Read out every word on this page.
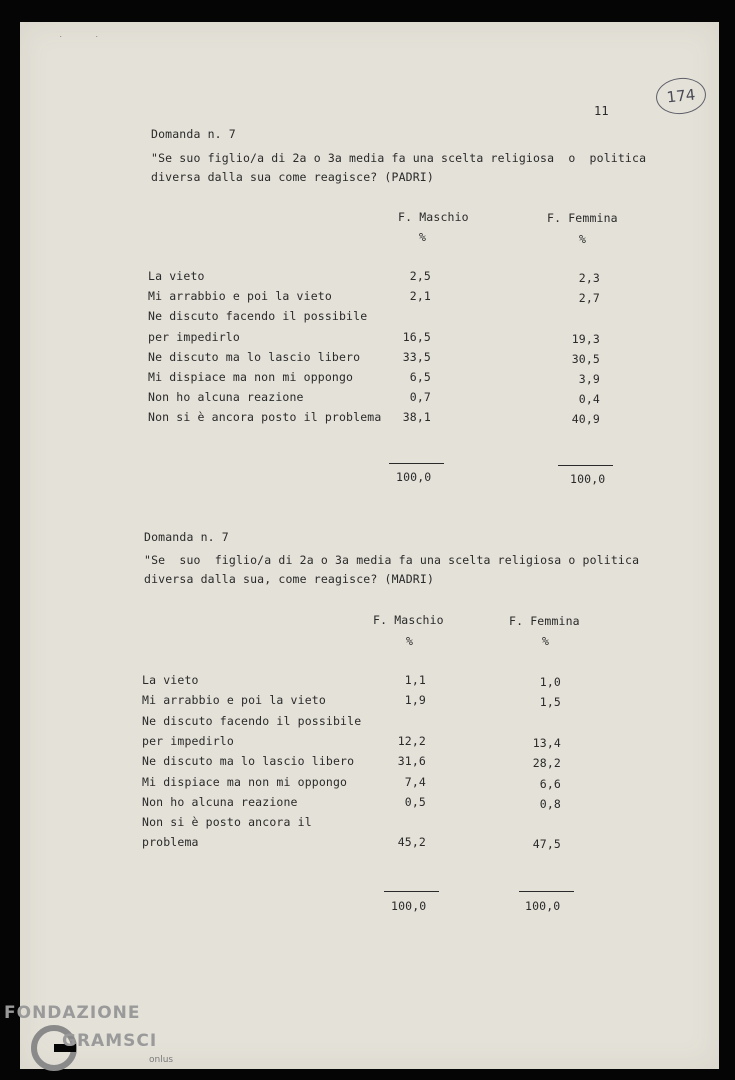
˙	˙
174
11
Domanda n. 7
"Se suo figlio/a di 2a o 3a media fa una scelta religiosa  o  politica
diversa dalla sua come reagisce? (PADRI)
F. Maschio	F. Femmina
%	%
La vieto	2,5	2,3
Mi arrabbio e poi la vieto	2,1	2,7
Ne discuto facendo il possibile
per impedirlo	16,5	19,3
Ne discuto ma lo lascio libero	33,5	30,5
Mi dispiace ma non mi oppongo	6,5	3,9
Non ho alcuna reazione	0,7	0,4
Non si è ancora posto il problema	38,1	40,9
100,0	100,0
Domanda n. 7
"Se  suo  figlio/a di 2a o 3a media fa una scelta religiosa o politica
diversa dalla sua, come reagisce? (MADRI)
F. Maschio	F. Femmina
%	%
La vieto	1,1	1,0
Mi arrabbio e poi la vieto	1,9	1,5
Ne discuto facendo il possibile
per impedirlo	12,2	13,4
Ne discuto ma lo lascio libero	31,6	28,2
Mi dispiace ma non mi oppongo	7,4	6,6
Non ho alcuna reazione	0,5	0,8
Non si è posto ancora il
problema	45,2	47,5
100,0	100,0
FONDAZIONE
GRAMSCI
onlus
